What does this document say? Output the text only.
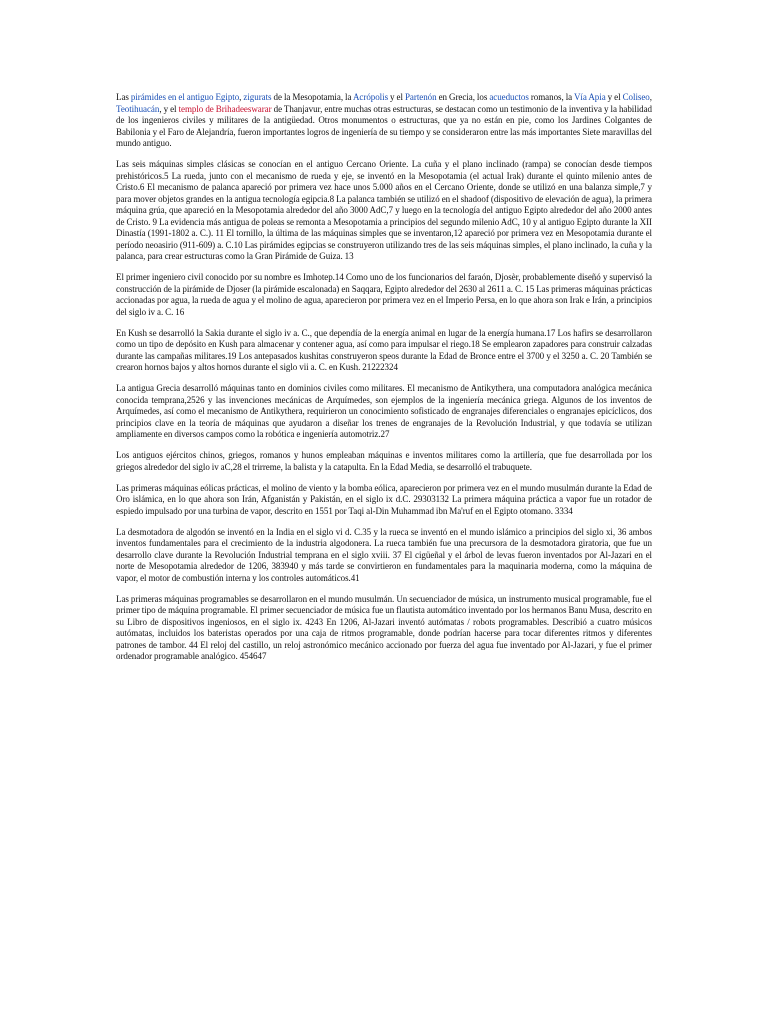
Las pirámides en el antiguo Egipto, zigurats de la Mesopotamia, la Acrópolis y el Partenón en Grecia, los acueductos romanos, la Vía Apia y el Coliseo, Teotihuacán, y el templo de Brihadeeswarar de Thanjavur, entre muchas otras estructuras, se destacan como un testimonio de la inventiva y la habilidad de los ingenieros civiles y militares de la antigüedad. Otros monumentos o estructuras, que ya no están en pie, como los Jardines Colgantes de Babilonia y el Faro de Alejandría, fueron importantes logros de ingeniería de su tiempo y se consideraron entre las más importantes Siete maravillas del mundo antiguo.

Las seis máquinas simples clásicas se conocían en el antiguo Cercano Oriente. La cuña y el plano inclinado (rampa) se conocían desde tiempos prehistóricos.5 La rueda, junto con el mecanismo de rueda y eje, se inventó en la Mesopotamia (el actual Irak) durante el quinto milenio antes de Cristo.6 El mecanismo de palanca apareció por primera vez hace unos 5.000 años en el Cercano Oriente, donde se utilizó en una balanza simple,7 y para mover objetos grandes en la antigua tecnología egipcia.8 La palanca también se utilizó en el shadoof (dispositivo de elevación de agua), la primera máquina grúa, que apareció en la Mesopotamia alrededor del año 3000 AdC,7 y luego en la tecnología del antiguo Egipto alrededor del año 2000 antes de Cristo. 9 La evidencia más antigua de poleas se remonta a Mesopotamia a principios del segundo milenio AdC, 10 y al antiguo Egipto durante la XII Dinastía (1991-1802 a. C.). 11 El tornillo, la última de las máquinas simples que se inventaron,12 apareció por primera vez en Mesopotamia durante el período neoasirio (911-609) a. C.10 Las pirámides egipcias se construyeron utilizando tres de las seis máquinas simples, el plano inclinado, la cuña y la palanca, para crear estructuras como la Gran Pirámide de Guiza. 13

El primer ingeniero civil conocido por su nombre es Imhotep.14 Como uno de los funcionarios del faraón, Djosèr, probablemente diseñó y supervisó la construcción de la pirámide de Djoser (la pirámide escalonada) en Saqqara, Egipto alrededor del 2630 al 2611 a. C. 15 Las primeras máquinas prácticas accionadas por agua, la rueda de agua y el molino de agua, aparecieron por primera vez en el Imperio Persa, en lo que ahora son Irak e Irán, a principios del siglo iv a. C. 16

En Kush se desarrolló la Sakia durante el siglo iv a. C., que dependía de la energía animal en lugar de la energía humana.17 Los hafirs se desarrollaron como un tipo de depósito en Kush para almacenar y contener agua, así como para impulsar el riego.18 Se emplearon zapadores para construir calzadas durante las campañas militares.19 Los antepasados kushitas construyeron speos durante la Edad de Bronce entre el 3700 y el 3250 a. C. 20 También se crearon hornos bajos y altos hornos durante el siglo vii a. C. en Kush. 21222324

La antigua Grecia desarrolló máquinas tanto en dominios civiles como militares. El mecanismo de Antikythera, una computadora analógica mecánica conocida temprana,2526 y las invenciones mecánicas de Arquímedes, son ejemplos de la ingeniería mecánica griega. Algunos de los inventos de Arquímedes, así como el mecanismo de Antikythera, requirieron un conocimiento sofisticado de engranajes diferenciales o engranajes epicíclicos, dos principios clave en la teoría de máquinas que ayudaron a diseñar los trenes de engranajes de la Revolución Industrial, y que todavía se utilizan ampliamente en diversos campos como la robótica e ingeniería automotriz.27

Los antiguos ejércitos chinos, griegos, romanos y hunos empleaban máquinas e inventos militares como la artillería, que fue desarrollada por los griegos alrededor del siglo iv aC,28 el trirreme, la balista y la catapulta. En la Edad Media, se desarrolló el trabuquete.

Las primeras máquinas eólicas prácticas, el molino de viento y la bomba eólica, aparecieron por primera vez en el mundo musulmán durante la Edad de Oro islámica, en lo que ahora son Irán, Afganistán y Pakistán, en el siglo ix d.C. 29303132 La primera máquina práctica a vapor fue un rotador de espiedo impulsado por una turbina de vapor, descrito en 1551 por Taqi al-Din Muhammad ibn Ma'ruf en el Egipto otomano. 3334

La desmotadora de algodón se inventó en la India en el siglo vi d. C.35 y la rueca se inventó en el mundo islámico a principios del siglo xi, 36 ambos inventos fundamentales para el crecimiento de la industria algodonera. La rueca también fue una precursora de la desmotadora giratoria, que fue un desarrollo clave durante la Revolución Industrial temprana en el siglo xviii. 37 El cigüeñal y el árbol de levas fueron inventados por Al-Jazari en el norte de Mesopotamia alrededor de 1206, 383940 y más tarde se convirtieron en fundamentales para la maquinaria moderna, como la máquina de vapor, el motor de combustión interna y los controles automáticos.41

Las primeras máquinas programables se desarrollaron en el mundo musulmán. Un secuenciador de música, un instrumento musical programable, fue el primer tipo de máquina programable. El primer secuenciador de música fue un flautista automático inventado por los hermanos Banu Musa, descrito en su Libro de dispositivos ingeniosos, en el siglo ix. 4243 En 1206, Al-Jazari inventó autómatas / robots programables. Describió a cuatro músicos autómatas, incluidos los bateristas operados por una caja de ritmos programable, donde podrían hacerse para tocar diferentes ritmos y diferentes patrones de tambor. 44 El reloj del castillo, un reloj astronómico mecánico accionado por fuerza del agua fue inventado por Al-Jazari, y fue el primer ordenador programable analógico. 454647
